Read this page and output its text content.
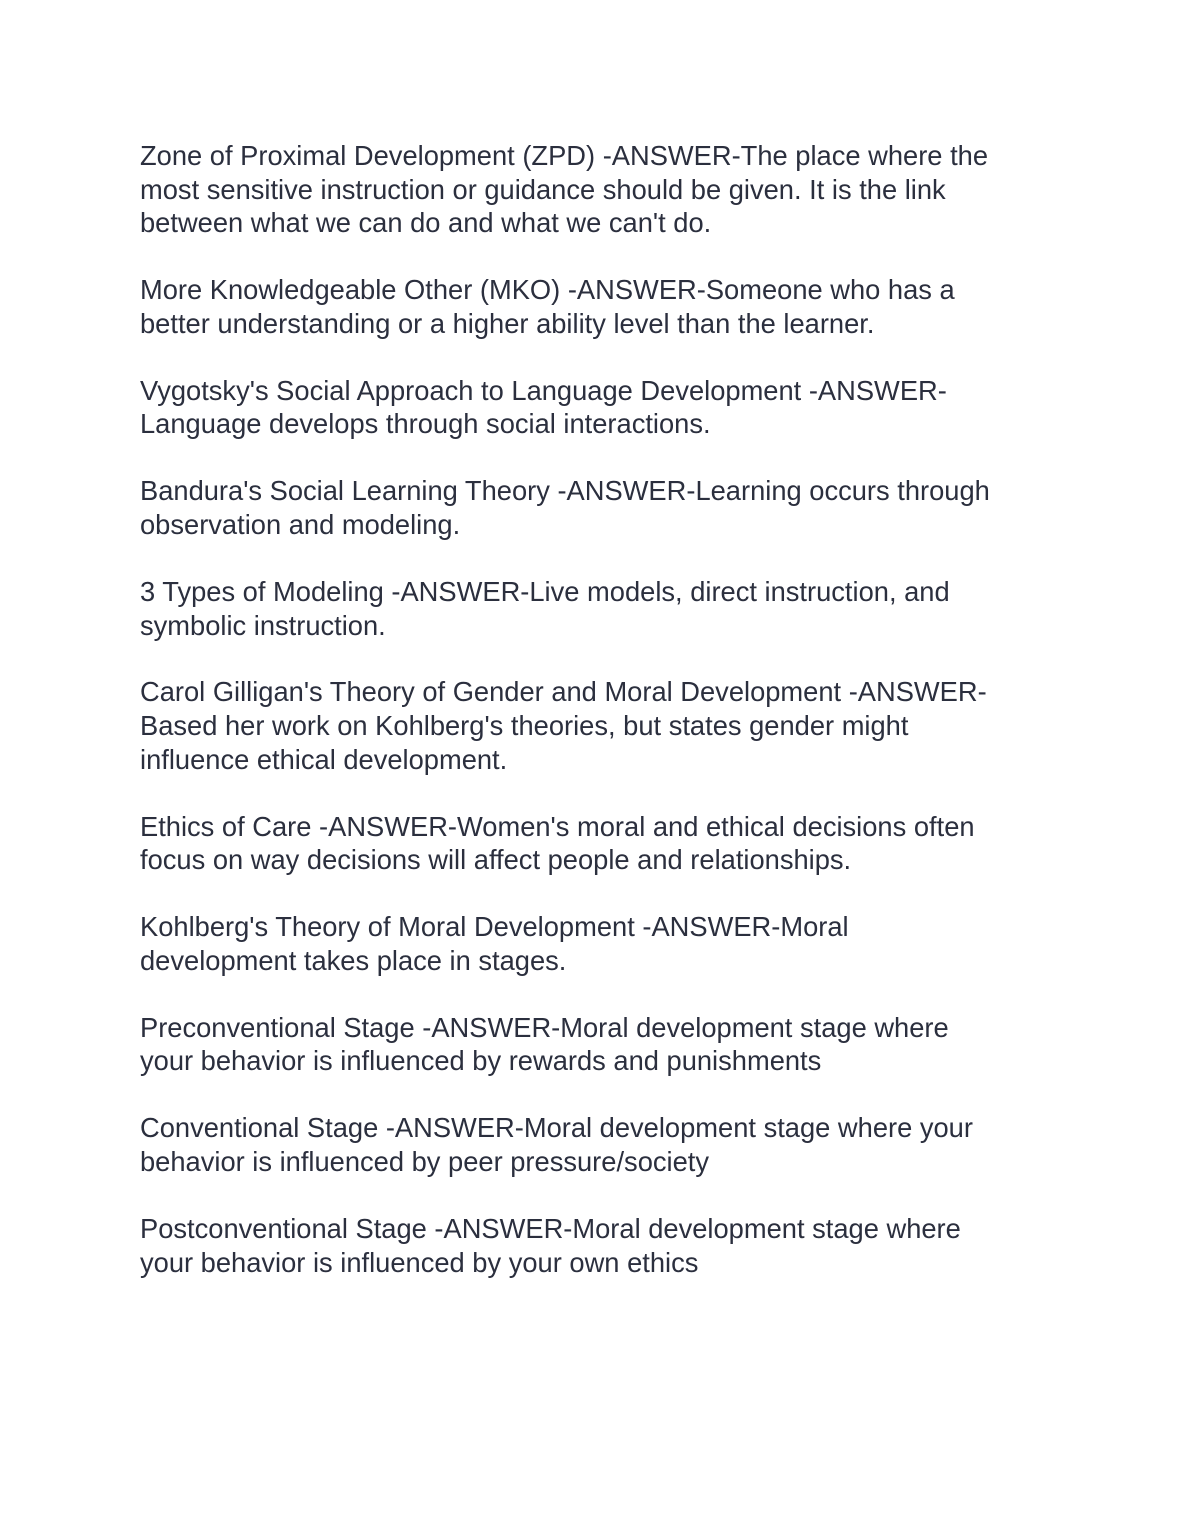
Zone of Proximal Development (ZPD) -ANSWER-The place where the
most sensitive instruction or guidance should be given. It is the link
between what we can do and what we can't do.

More Knowledgeable Other (MKO) -ANSWER-Someone who has a
better understanding or a higher ability level than the learner.

Vygotsky's Social Approach to Language Development -ANSWER-
Language develops through social interactions.

Bandura's Social Learning Theory -ANSWER-Learning occurs through
observation and modeling.

3 Types of Modeling -ANSWER-Live models, direct instruction, and
symbolic instruction.

Carol Gilligan's Theory of Gender and Moral Development -ANSWER-
Based her work on Kohlberg's theories, but states gender might
influence ethical development.

Ethics of Care -ANSWER-Women's moral and ethical decisions often
focus on way decisions will affect people and relationships.

Kohlberg's Theory of Moral Development -ANSWER-Moral
development takes place in stages.

Preconventional Stage -ANSWER-Moral development stage where
your behavior is influenced by rewards and punishments

Conventional Stage -ANSWER-Moral development stage where your
behavior is influenced by peer pressure/society

Postconventional Stage -ANSWER-Moral development stage where
your behavior is influenced by your own ethics
